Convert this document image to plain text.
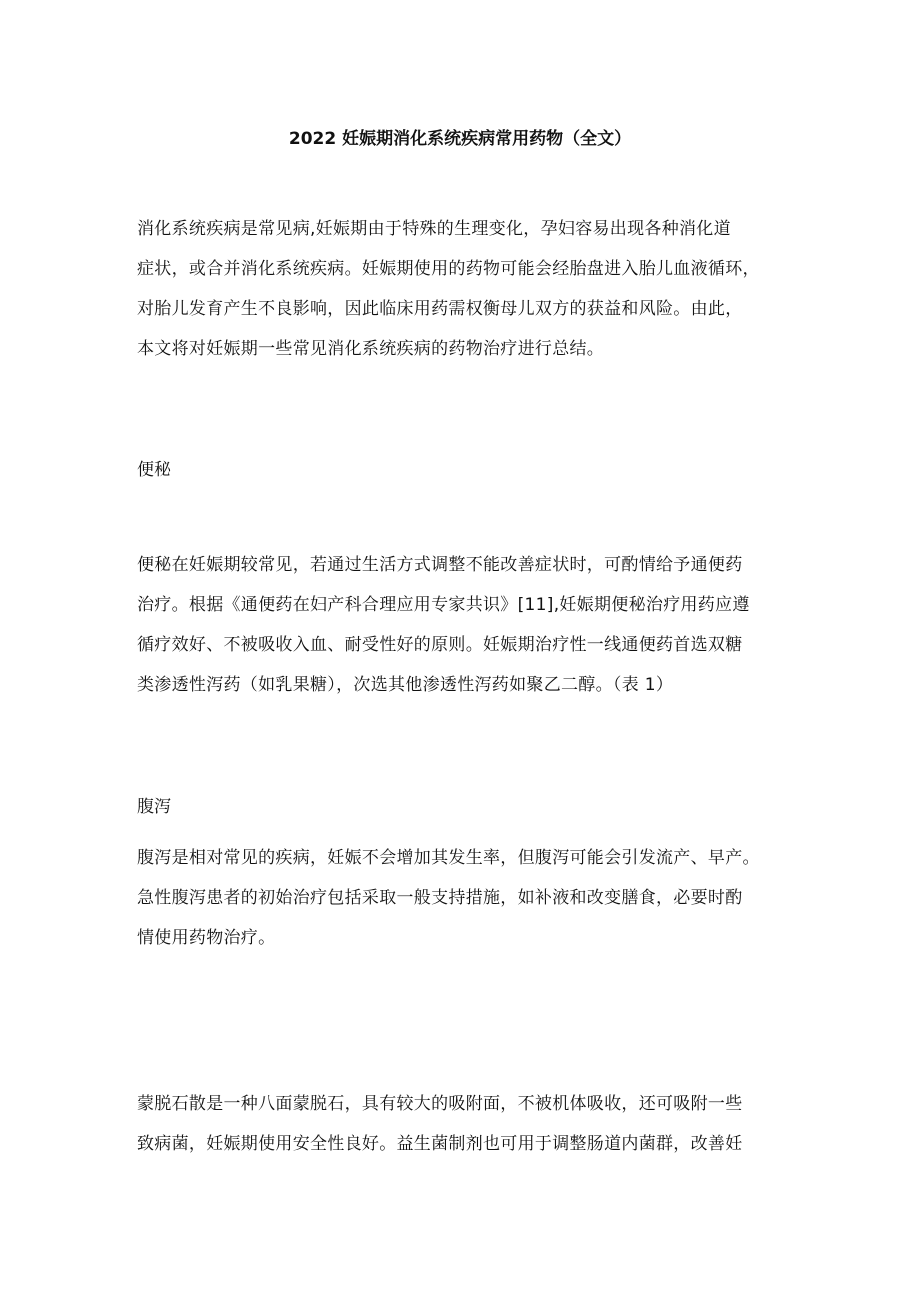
2022 妊娠期消化系统疾病常用药物（全文）
消化系统疾病是常见病,妊娠期由于特殊的生理变化，孕妇容易出现各种消化道
症状，或合并消化系统疾病。妊娠期使用的药物可能会经胎盘进入胎儿血液循环，
对胎儿发育产生不良影响，因此临床用药需权衡母儿双方的获益和风险。由此，
本文将对妊娠期一些常见消化系统疾病的药物治疗进行总结。
便秘
便秘在妊娠期较常见，若通过生活方式调整不能改善症状时，可酌情给予通便药
治疗。根据《通便药在妇产科合理应用专家共识》[11],妊娠期便秘治疗用药应遵
循疗效好、不被吸收入血、耐受性好的原则。妊娠期治疗性一线通便药首选双糖
类渗透性泻药（如乳果糖），次选其他渗透性泻药如聚乙二醇。（表 1）
腹泻
腹泻是相对常见的疾病，妊娠不会增加其发生率，但腹泻可能会引发流产、早产。
急性腹泻患者的初始治疗包括采取一般支持措施，如补液和改变膳食，必要时酌
情使用药物治疗。
蒙脱石散是一种八面蒙脱石，具有较大的吸附面，不被机体吸收，还可吸附一些
致病菌，妊娠期使用安全性良好。益生菌制剂也可用于调整肠道内菌群，改善妊
